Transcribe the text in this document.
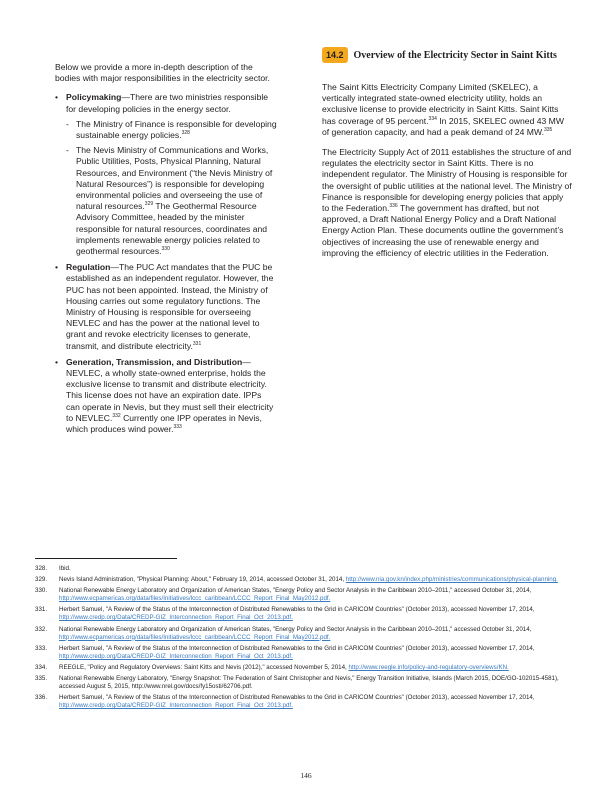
Below we provide a more in-depth description of the bodies with major responsibilities in the electricity sector.

• Policymaking—There are two ministries responsible for developing policies in the energy sector.
- The Ministry of Finance is responsible for developing sustainable energy policies.$^{328}$
- The Nevis Ministry of Communications and Works, Public Utilities, Posts, Physical Planning, Natural Resources, and Environment (“the Nevis Ministry of Natural Resources”) is responsible for developing environmental policies and overseeing the use of natural resources.$^{329}$ The Geothermal Resource Advisory Committee, headed by the minister responsible for natural resources, coordinates and implements renewable energy policies related to geothermal resources.$^{330}$
• Regulation—The PUC Act mandates that the PUC be established as an independent regulator. However, the PUC has not been appointed. Instead, the Ministry of Housing carries out some regulatory functions. The Ministry of Housing is responsible for overseeing NEVLEC and has the power at the national level to grant and revoke electricity licenses to generate, transmit, and distribute electricity.$^{331}$
• Generation, Transmission, and Distribution— NEVLEC, a wholly state-owned enterprise, holds the exclusive license to transmit and distribute electricity. This license does not have an expiration date. IPPs can operate in Nevis, but they must sell their electricity to NEVLEC.$^{332}$ Currently one IPP operates in Nevis, which produces wind power.$^{333}$
14.2	Overview of the Electricity Sector in Saint Kitts

The Saint Kitts Electricity Company Limited (SKELEC), a vertically integrated state-owned electricity utility, holds an exclusive license to provide electricity in Saint Kitts. Saint Kitts has coverage of 95 percent.$^{334}$ In 2015, SKELEC owned 43 MW of generation capacity, and had a peak demand of 24 MW.$^{335}$

The Electricity Supply Act of 2011 establishes the structure of and regulates the electricity sector in Saint Kitts. There is no independent regulator. The Ministry of Housing is responsible for the oversight of public utilities at the national level. The Ministry of Finance is responsible for developing energy policies that apply to the Federation.$^{336}$ The government has drafted, but not approved, a Draft National Energy Policy and a Draft National Energy Action Plan. These documents outline the government’s objectives of increasing the use of renewable energy and improving the efficiency of electric utilities in the Federation.

328. Ibid.
329. Nevis Island Administration, "Physical Planning: About," February 19, 2014, accessed October 31, 2014, http://www.nia.gov.kn/index.php/ministries/communications/physical-planning.
330. National Renewable Energy Laboratory and Organization of American States, "Energy Policy and Sector Analysis in the Caribbean 2010–2011," accessed October 31, 2014, http://www.ecpamericas.org/data/files/Initiatives/lccc_caribbean/LCCC_Report_Final_May2012.pdf.
331. Herbert Samuel, "A Review of the Status of the Interconnection of Distributed Renewables to the Grid in CARICOM Countries" (October 2013), accessed November 17, 2014, http://www.credp.org/Data/CREDP-GIZ_Interconnection_Report_Final_Oct_2013.pdf.
332. National Renewable Energy Laboratory and Organization of American States, "Energy Policy and Sector Analysis in the Caribbean 2010–2011," accessed October 31, 2014, http://www.ecpamericas.org/data/files/Initiatives/lccc_caribbean/LCCC_Report_Final_May2012.pdf.
333. Herbert Samuel, "A Review of the Status of the Interconnection of Distributed Renewables to the Grid in CARICOM Countries" (October 2013), accessed November 17, 2014, http://www.credp.org/Data/CREDP-GIZ_Interconnection_Report_Final_Oct_2013.pdf.
334. REEGLE, "Policy and Regulatory Overviews: Saint Kitts and Nevis (2012)," accessed November 5, 2014, http://www.reegle.info/policy-and-regulatory-overviews/KN.
335. National Renewable Energy Laboratory, "Energy Snapshot: The Federation of Saint Christopher and Nevis," Energy Transition Initiative, Islands (March 2015, DOE/GO-102015-4581), accessed August 5, 2015, http://www.nrel.gov/docs/fy15osti/62706.pdf.
336. Herbert Samuel, "A Review of the Status of the Interconnection of Distributed Renewables to the Grid in CARICOM Countries" (October 2013), accessed November 17, 2014, http://www.credp.org/Data/CREDP-GIZ_Interconnection_Report_Final_Oct_2013.pdf.
146
